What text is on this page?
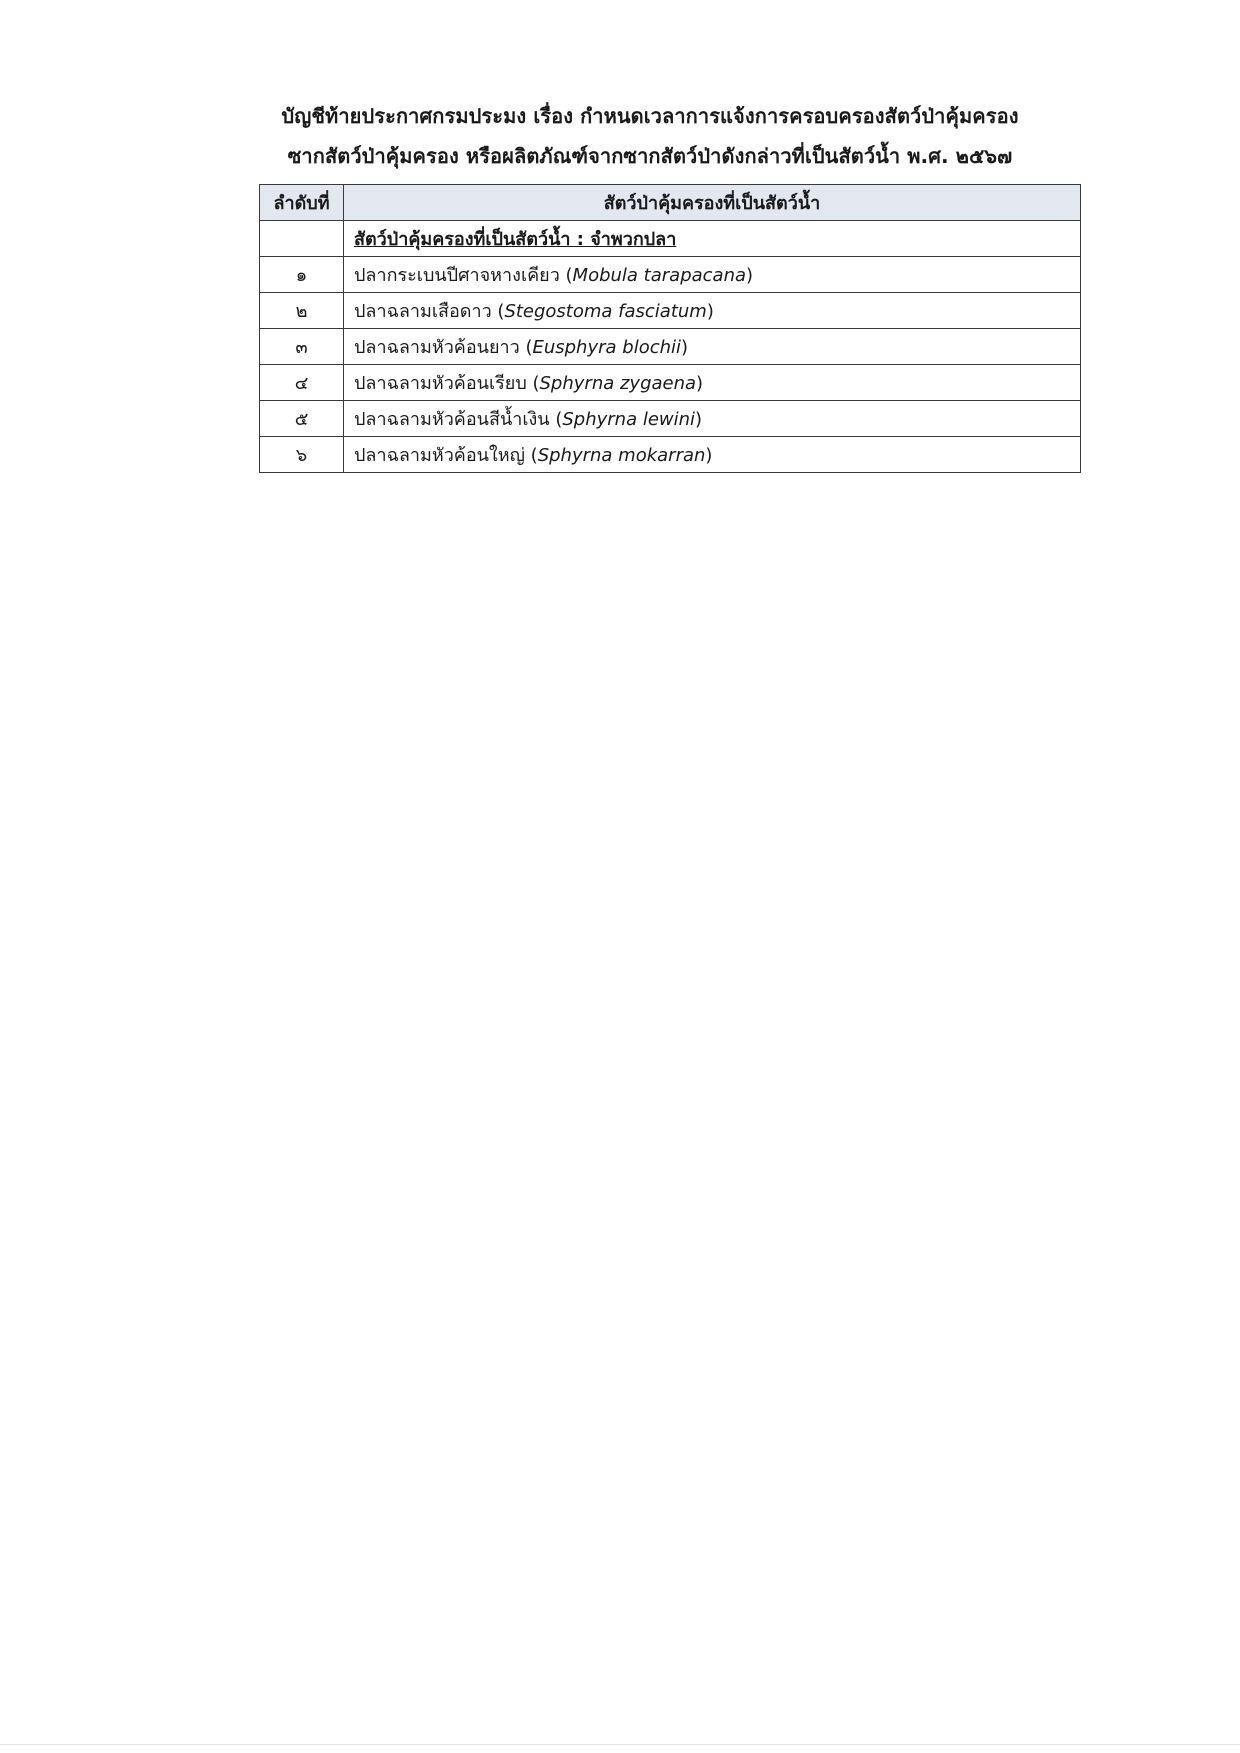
บัญชีท้ายประกาศกรมประมง เรื่อง กำหนดเวลาการแจ้งการครอบครองสัตว์ป่าคุ้มครอง
ซากสัตว์ป่าคุ้มครอง หรือผลิตภัณฑ์จากซากสัตว์ป่าดังกล่าวที่เป็นสัตว์น้ำ พ.ศ. ๒๕๖๗
ลำดับที่	สัตว์ป่าคุ้มครองที่เป็นสัตว์น้ำ
	สัตว์ป่าคุ้มครองที่เป็นสัตว์น้ำ : จำพวกปลา
๑	ปลากระเบนปีศาจหางเคียว (Mobula tarapacana)
๒	ปลาฉลามเสือดาว (Stegostoma fasciatum)
๓	ปลาฉลามหัวค้อนยาว (Eusphyra blochii)
๔	ปลาฉลามหัวค้อนเรียบ (Sphyrna zygaena)
๕	ปลาฉลามหัวค้อนสีน้ำเงิน (Sphyrna lewini)
๖	ปลาฉลามหัวค้อนใหญ่ (Sphyrna mokarran)
